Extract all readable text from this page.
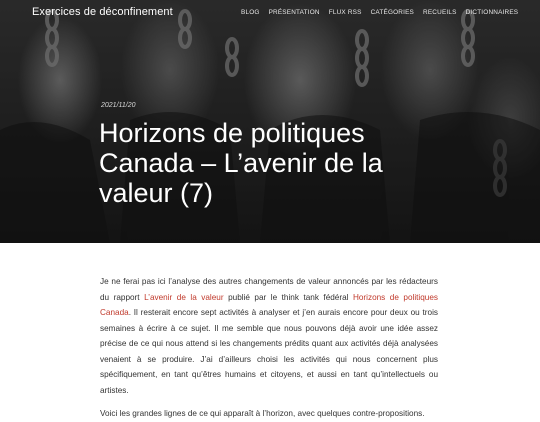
Exercices de déconfinement	BLOG PRÉSENTATION FLUX RSS CATÉGORIES RECUEILS DICTIONNAIRES
2021/11/20
Horizons de politiques Canada – L’avenir de la valeur (7)

Je ne ferai pas ici l’analyse des autres changements de valeur annoncés par les rédacteurs du rapport L’avenir de la valeur publié par le think tank fédéral Horizons de politiques Canada. Il resterait encore sept activités à analyser et j’en aurais encore pour deux ou trois semaines à écrire à ce sujet. Il me semble que nous pouvons déjà avoir une idée assez précise de ce qui nous attend si les changements prédits quant aux activités déjà analysées venaient à se produire. J’ai d’ailleurs choisi les activités qui nous concernent plus spécifiquement, en tant qu’êtres humains et citoyens, et aussi en tant qu’intellectuels ou artistes.

Voici les grandes lignes de ce qui apparaît à l’horizon, avec quelques contre-propositions.
